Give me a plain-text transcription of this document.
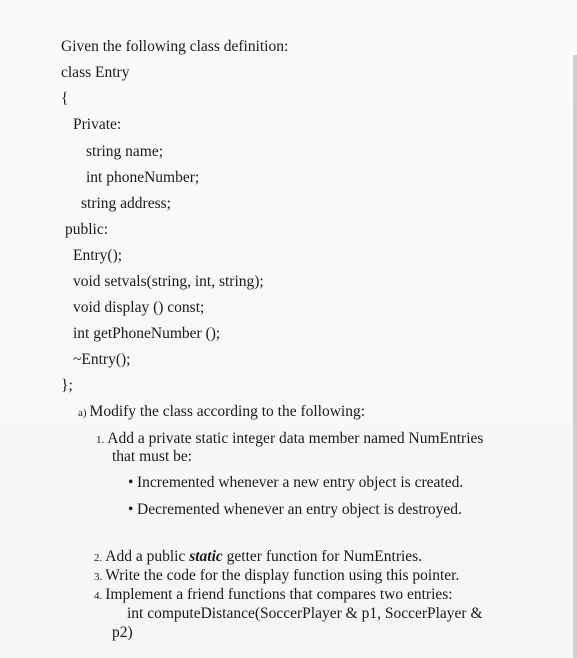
Given the following class definition:
class Entry
{
Private:
string name;
int phoneNumber;
string address;
public:
Entry();
void setvals(string, int, string);
void display () const;
int getPhoneNumber ();
~Entry();
};
a) Modify the class according to the following:
1. Add a private static integer data member named NumEntries
that must be:
• Incremented whenever a new entry object is created.
• Decremented whenever an entry object is destroyed.
2. Add a public static getter function for NumEntries.
3. Write the code for the display function using this pointer.
4. Implement a friend functions that compares two entries:
int computeDistance(SoccerPlayer & p1, SoccerPlayer &
p2)
